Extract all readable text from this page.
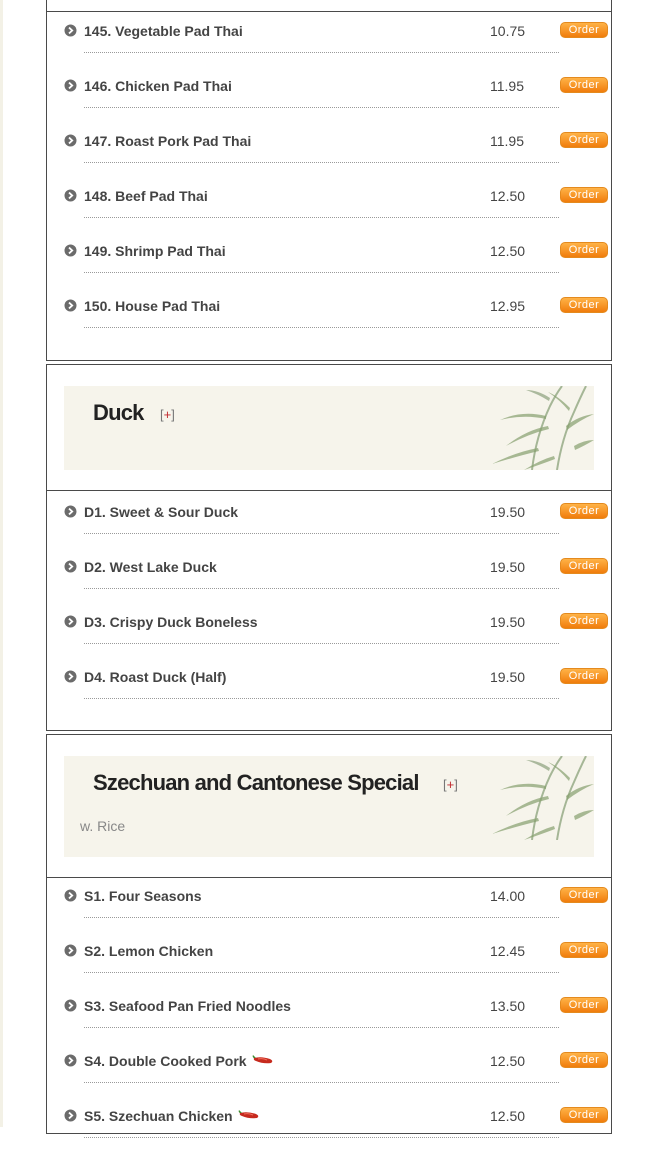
145. Vegetable Pad Thai	10.75	Order
146. Chicken Pad Thai	11.95	Order
147. Roast Pork Pad Thai	11.95	Order
148. Beef Pad Thai	12.50	Order
149. Shrimp Pad Thai	12.50	Order
150. House Pad Thai	12.95	Order
Duck [+]
D1. Sweet & Sour Duck	19.50	Order
D2. West Lake Duck	19.50	Order
D3. Crispy Duck Boneless	19.50	Order
D4. Roast Duck (Half)	19.50	Order
Szechuan and Cantonese Special [+]
w. Rice
S1. Four Seasons	14.00	Order
S2. Lemon Chicken	12.45	Order
S3. Seafood Pan Fried Noodles	13.50	Order
S4. Double Cooked Pork	12.50	Order
S5. Szechuan Chicken	12.50	Order
